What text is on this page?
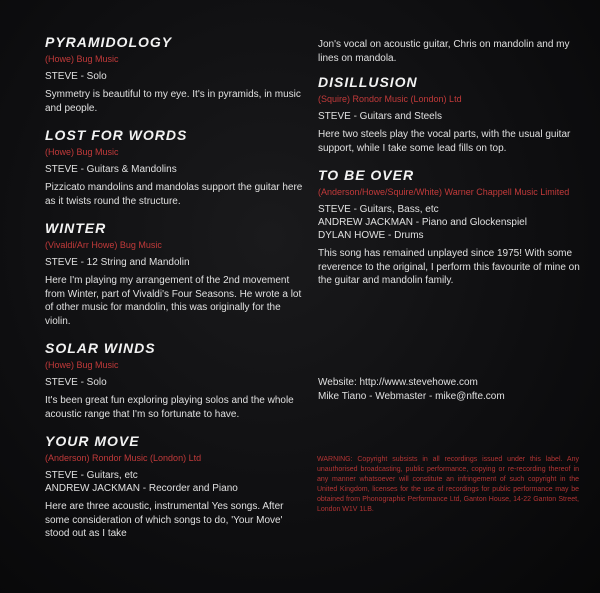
PYRAMIDOLOGY
(Howe) Bug Music
STEVE - Solo

Symmetry is beautiful to my eye. It's in pyramids, in music and people.

LOST FOR WORDS
(Howe) Bug Music
STEVE - Guitars & Mandolins

Pizzicato mandolins and mandolas support the guitar here as it twists round the structure.

WINTER
(Vivaldi/Arr Howe) Bug Music
STEVE - 12 String and Mandolin

Here I'm playing my arrangement of the 2nd movement from Winter, part of Vivaldi's Four Seasons. He wrote a lot of other music for mandolin, this was originally for the violin.

SOLAR WINDS
(Howe) Bug Music
STEVE - Solo

It's been great fun exploring playing solos and the whole acoustic range that I'm so fortunate to have.

YOUR MOVE
(Anderson) Rondor Music (London) Ltd
STEVE - Guitars, etc
ANDREW JACKMAN - Recorder and Piano

Here are three acoustic, instrumental Yes songs. After some consideration of which songs to do, 'Your Move' stood out as I take

Jon's vocal on acoustic guitar, Chris on mandolin and my lines on mandola.

DISILLUSION
(Squire) Rondor Music (London) Ltd
STEVE - Guitars and Steels

Here two steels play the vocal parts, with the usual guitar support, while I take some lead fills on top.

TO BE OVER
(Anderson/Howe/Squire/White) Warner Chappell Music Limited
STEVE - Guitars, Bass, etc
ANDREW JACKMAN - Piano and Glockenspiel
DYLAN HOWE - Drums

This song has remained unplayed since 1975! With some reverence to the original, I perform this favourite of mine on the guitar and mandolin family.

Website: http://www.stevehowe.com
Mike Tiano - Webmaster - mike@nfte.com
WARNING: Copyright subsists in all recordings issued under this label. Any unauthorised broadcasting, public performance, copying or re-recording thereof in any manner whatsoever will constitute an infringement of such copyright in the United Kingdom, licenses for the use of recordings for public performance may be obtained from Phonographic Performance Ltd, Ganton House, 14-22 Ganton Street, London W1V 1LB.
